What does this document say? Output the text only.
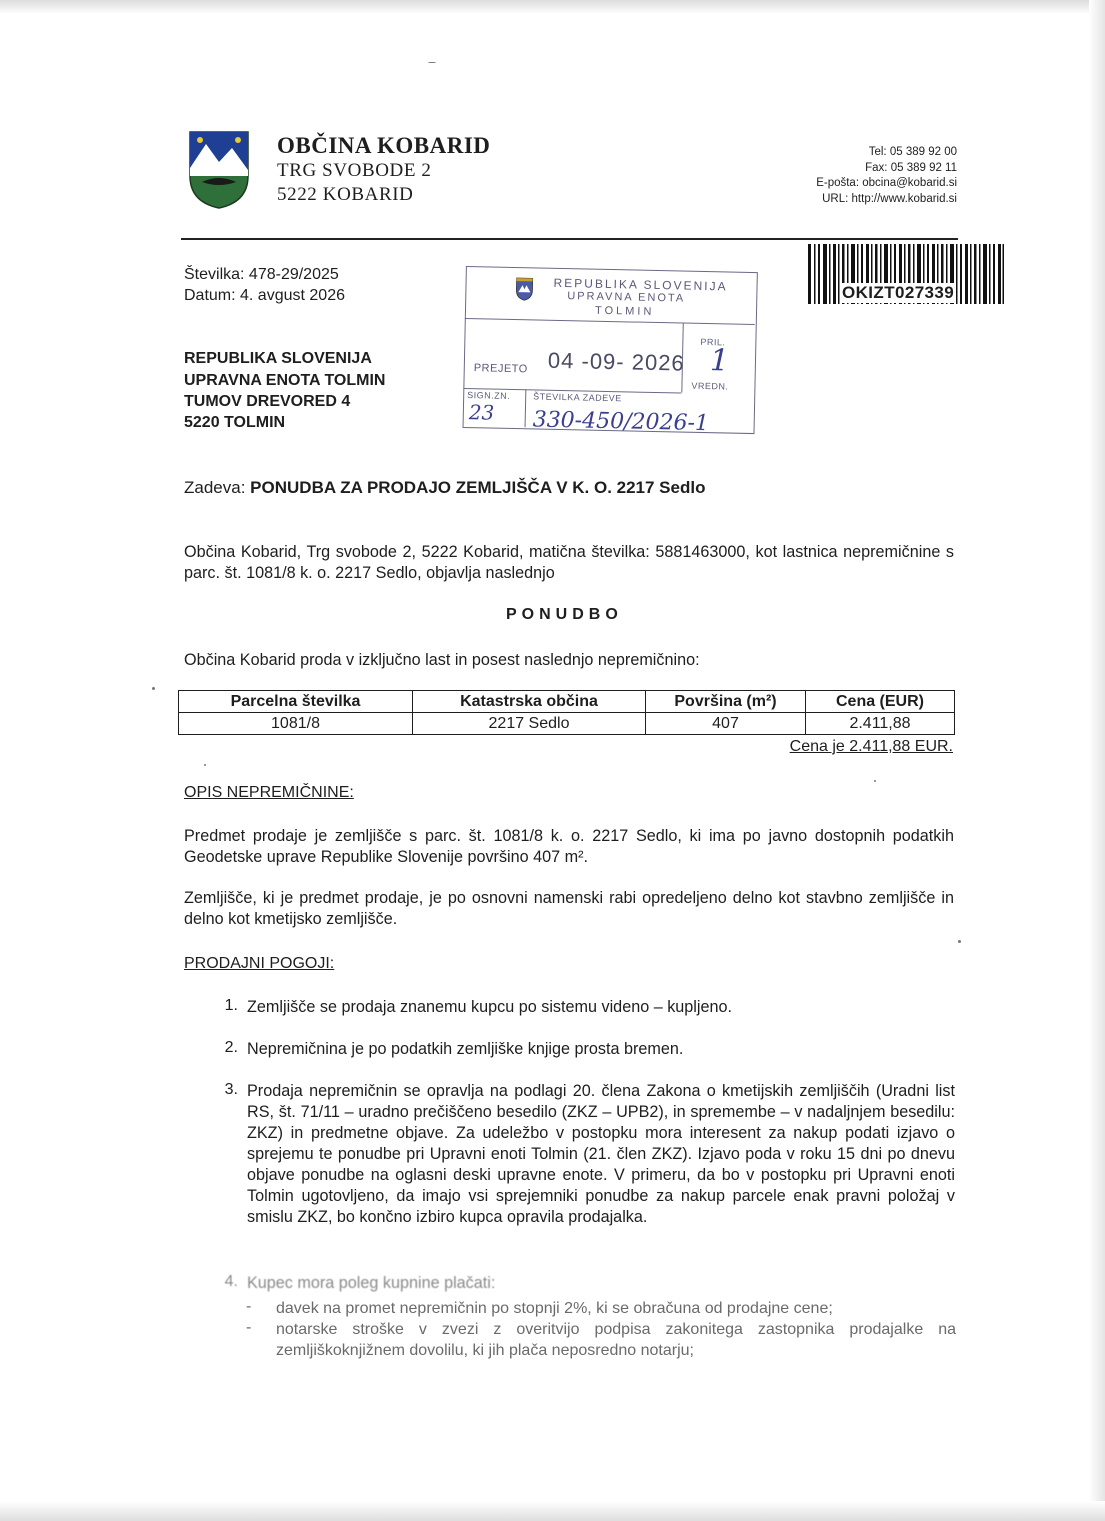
OBČINA KOBARID
TRG SVOBODE 2
5222 KOBARID
Tel: 05 389 92 00
Fax: 05 389 92 11
E-pošta: obcina@kobarid.si
URL: http://www.kobarid.si
OKIZT027339
Številka: 478-29/2025
Datum: 4. avgust 2026
REPUBLIKA SLOVENIJA
UPRAVNA ENOTA TOLMIN
TUMOV DREVORED 4
5220 TOLMIN
REPUBLIKA SLOVENIJA
UPRAVNA ENOTA
TOLMIN
PREJETO 04 -09- 2026
PRIL.
1
VREDN.
SIGN.ZN.	ŠTEVILKA ZADEVE
23 330-450/2026-1
Zadeva: PONUDBA ZA PRODAJO ZEMLJIŠČA V K. O. 2217 Sedlo
Občina Kobarid, Trg svobode 2, 5222 Kobarid, matična številka: 5881463000, kot lastnica nepremičnine s parc. št. 1081/8 k. o. 2217 Sedlo, objavlja naslednjo
PONUDBO
Občina Kobarid proda v izključno last in posest naslednjo nepremičnino:
Parcelna številka	Katastrska občina	Površina (m²)	Cena (EUR)
1081/8	2217 Sedlo	407	2.411,88
Cena je 2.411,88 EUR.
OPIS NEPREMIČNINE:
Predmet prodaje je zemljišče s parc. št. 1081/8 k. o. 2217 Sedlo, ki ima po javno dostopnih podatkih Geodetske uprave Republike Slovenije površino 407 m².
Zemljišče, ki je predmet prodaje, je po osnovni namenski rabi opredeljeno delno kot stavbno zemljišče in delno kot kmetijsko zemljišče.
PRODAJNI POGOJI:
1. Zemljišče se prodaja znanemu kupcu po sistemu videno – kupljeno.
2. Nepremičnina je po podatkih zemljiške knjige prosta bremen.
3. Prodaja nepremičnin se opravlja na podlagi 20. člena Zakona o kmetijskih zemljiščih (Uradni list RS, št. 71/11 – uradno prečiščeno besedilo (ZKZ – UPB2), in spremembe – v nadaljnjem besedilu: ZKZ) in predmetne objave. Za udeležbo v postopku mora interesent za nakup podati izjavo o sprejemu te ponudbe pri Upravni enoti Tolmin (21. člen ZKZ). Izjavo poda v roku 15 dni po dnevu objave ponudbe na oglasni deski upravne enote. V primeru, da bo v postopku pri Upravni enoti Tolmin ugotovljeno, da imajo vsi sprejemniki ponudbe za nakup parcele enak pravni položaj v smislu ZKZ, bo končno izbiro kupca opravila prodajalka.
4. Kupec mora poleg kupnine plačati:
- davek na promet nepremičnin po stopnji 2%, ki se obračuna od prodajne cene;
- notarske stroške v zvezi z overitvijo podpisa zakonitega zastopnika prodajalke na zemljiškoknjižnem dovolilu, ki jih plača neposredno notarju;
